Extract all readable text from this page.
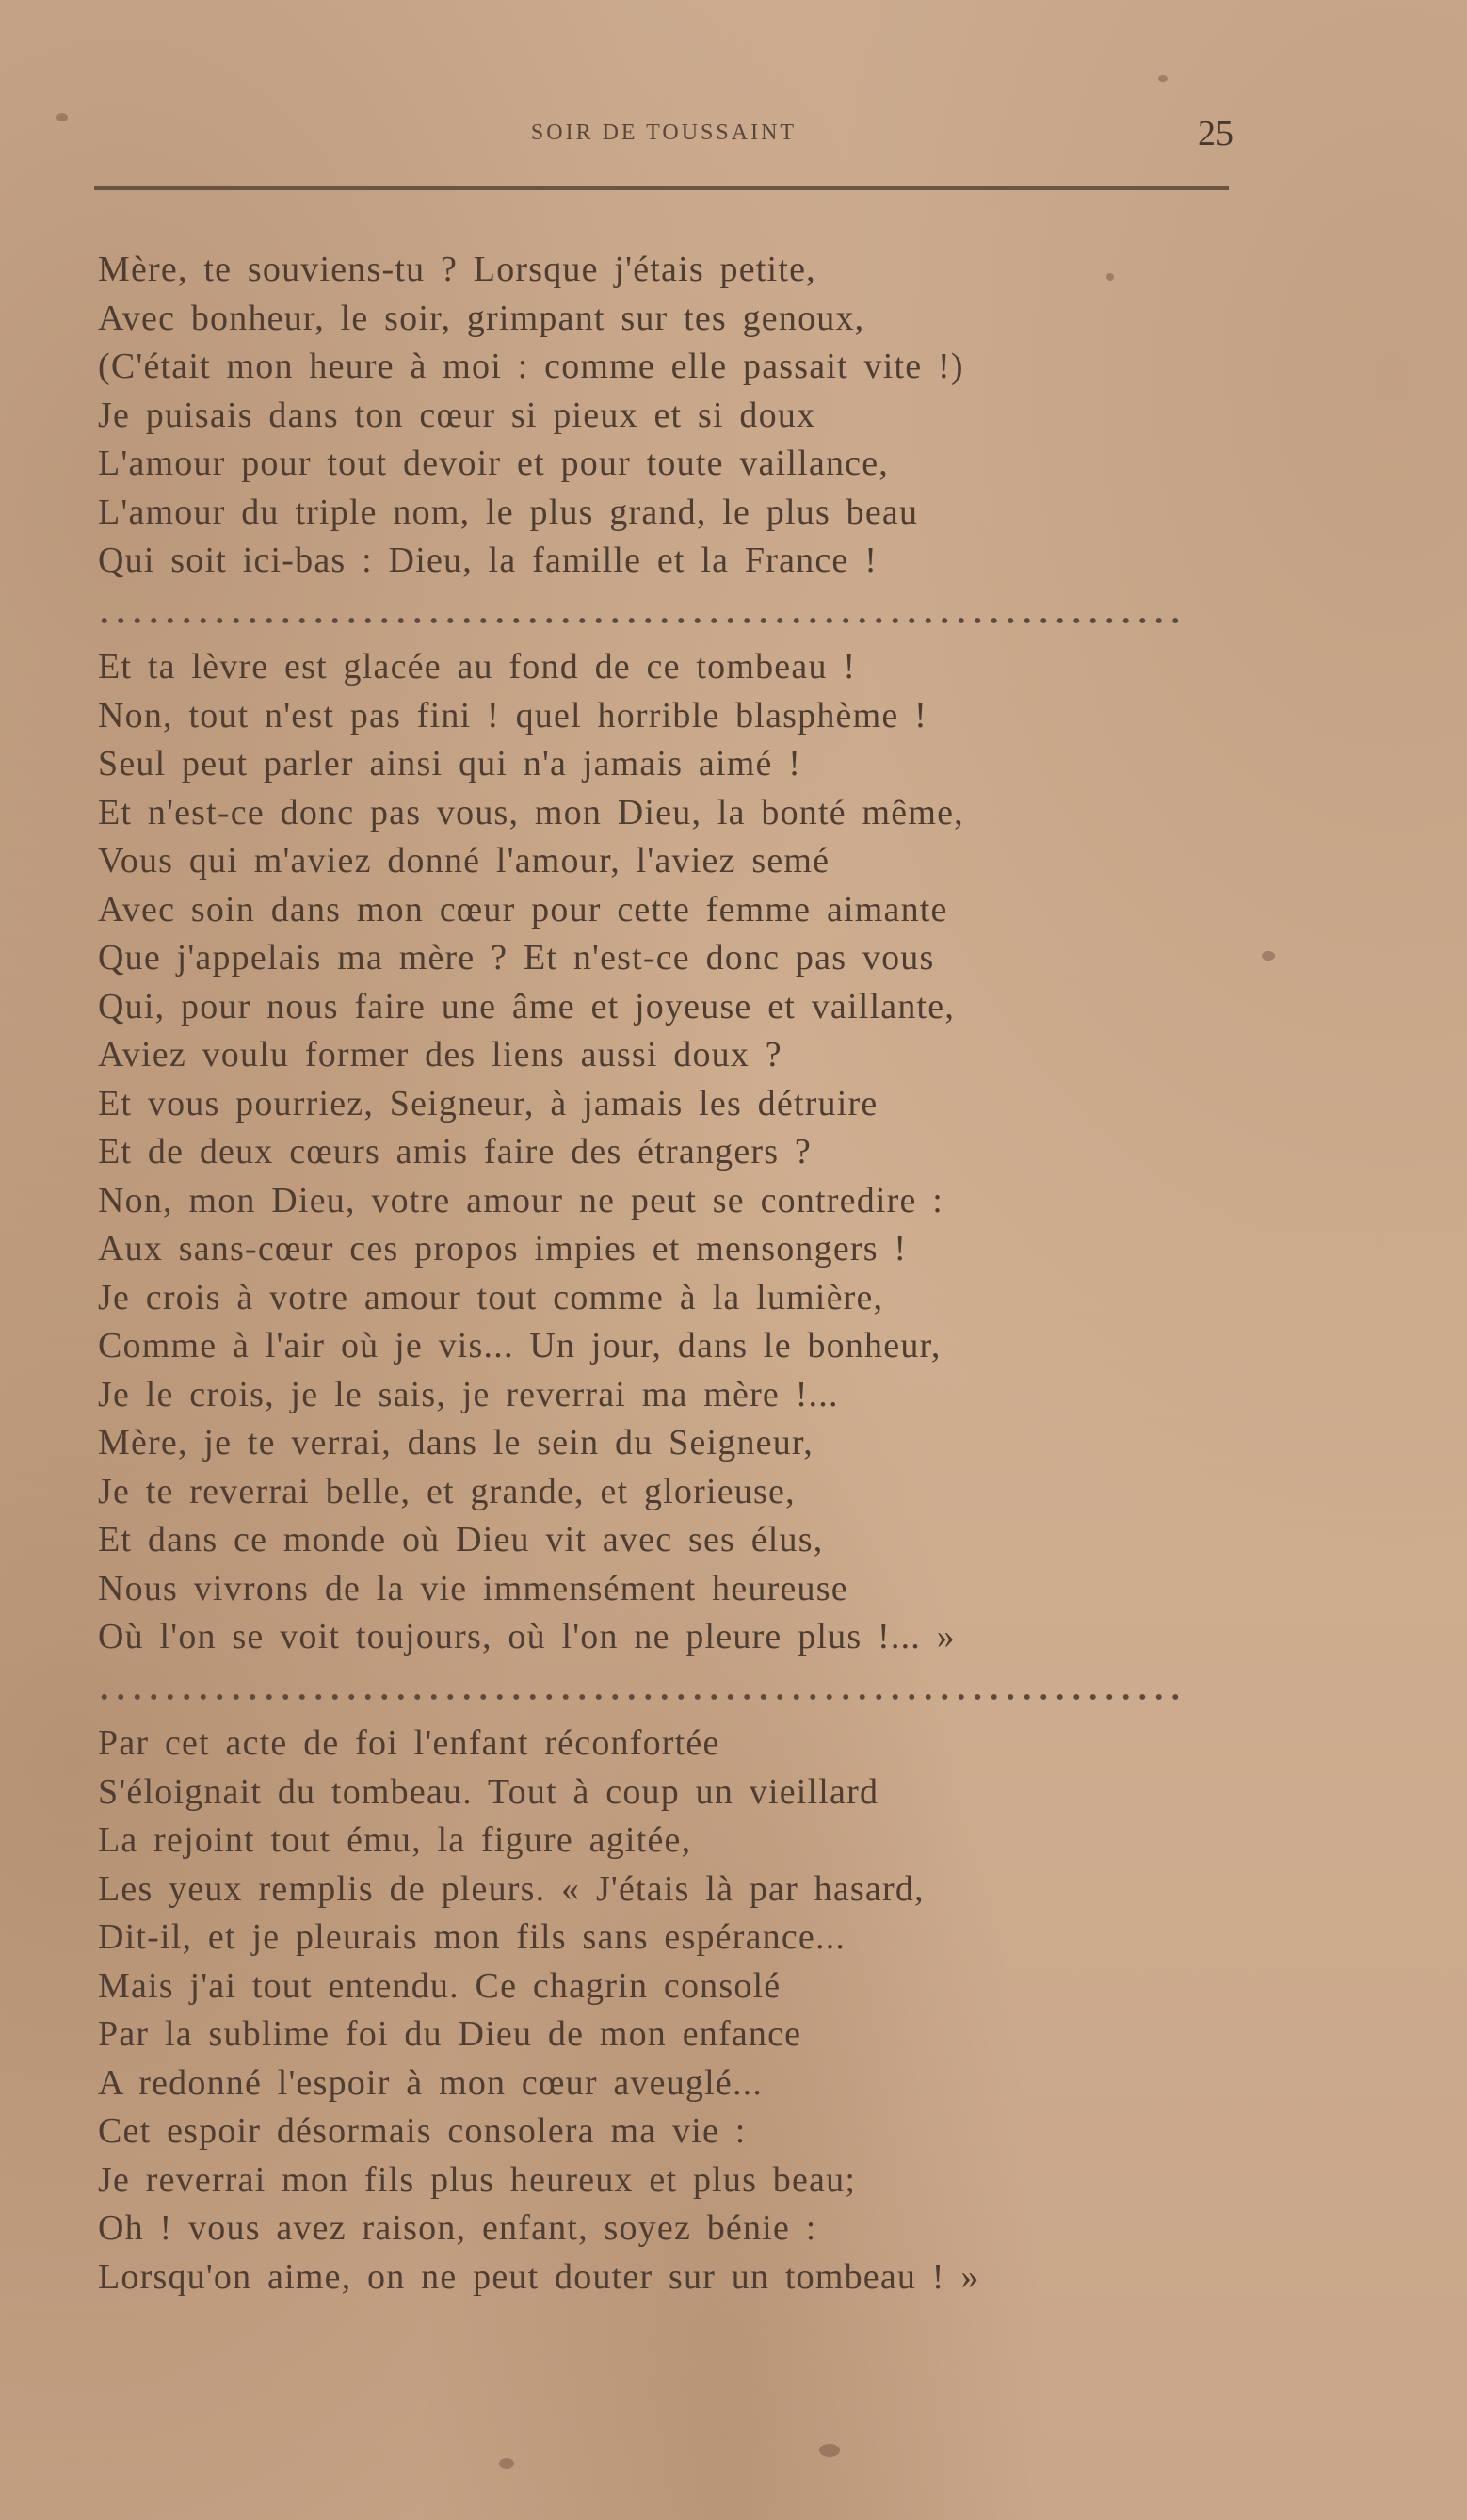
SOIR DE TOUSSAINT	25
Mère, te souviens-tu ? Lorsque j'étais petite,
Avec bonheur, le soir, grimpant sur tes genoux,
(C'était mon heure à moi : comme elle passait vite !)
Je puisais dans ton cœur si pieux et si doux
L'amour pour tout devoir et pour toute vaillance,
L'amour du triple nom, le plus grand, le plus beau
Qui soit ici-bas : Dieu, la famille et la France !
Et ta lèvre est glacée au fond de ce tombeau !
Non, tout n'est pas fini ! quel horrible blasphème !
Seul peut parler ainsi qui n'a jamais aimé !
Et n'est-ce donc pas vous, mon Dieu, la bonté même,
Vous qui m'aviez donné l'amour, l'aviez semé
Avec soin dans mon cœur pour cette femme aimante
Que j'appelais ma mère ? Et n'est-ce donc pas vous
Qui, pour nous faire une âme et joyeuse et vaillante,
Aviez voulu former des liens aussi doux ?
Et vous pourriez, Seigneur, à jamais les détruire
Et de deux cœurs amis faire des étrangers ?
Non, mon Dieu, votre amour ne peut se contredire :
Aux sans-cœur ces propos impies et mensongers !
Je crois à votre amour tout comme à la lumière,
Comme à l'air où je vis... Un jour, dans le bonheur,
Je le crois, je le sais, je reverrai ma mère !...
Mère, je te verrai, dans le sein du Seigneur,
Je te reverrai belle, et grande, et glorieuse,
Et dans ce monde où Dieu vit avec ses élus,
Nous vivrons de la vie immensément heureuse
Où l'on se voit toujours, où l'on ne pleure plus !... »
Par cet acte de foi l'enfant réconfortée
S'éloignait du tombeau. Tout à coup un vieillard
La rejoint tout ému, la figure agitée,
Les yeux remplis de pleurs. « J'étais là par hasard,
Dit-il, et je pleurais mon fils sans espérance...
Mais j'ai tout entendu. Ce chagrin consolé
Par la sublime foi du Dieu de mon enfance
A redonné l'espoir à mon cœur aveuglé...
Cet espoir désormais consolera ma vie :
Je reverrai mon fils plus heureux et plus beau;
Oh ! vous avez raison, enfant, soyez bénie :
Lorsqu'on aime, on ne peut douter sur un tombeau ! »
